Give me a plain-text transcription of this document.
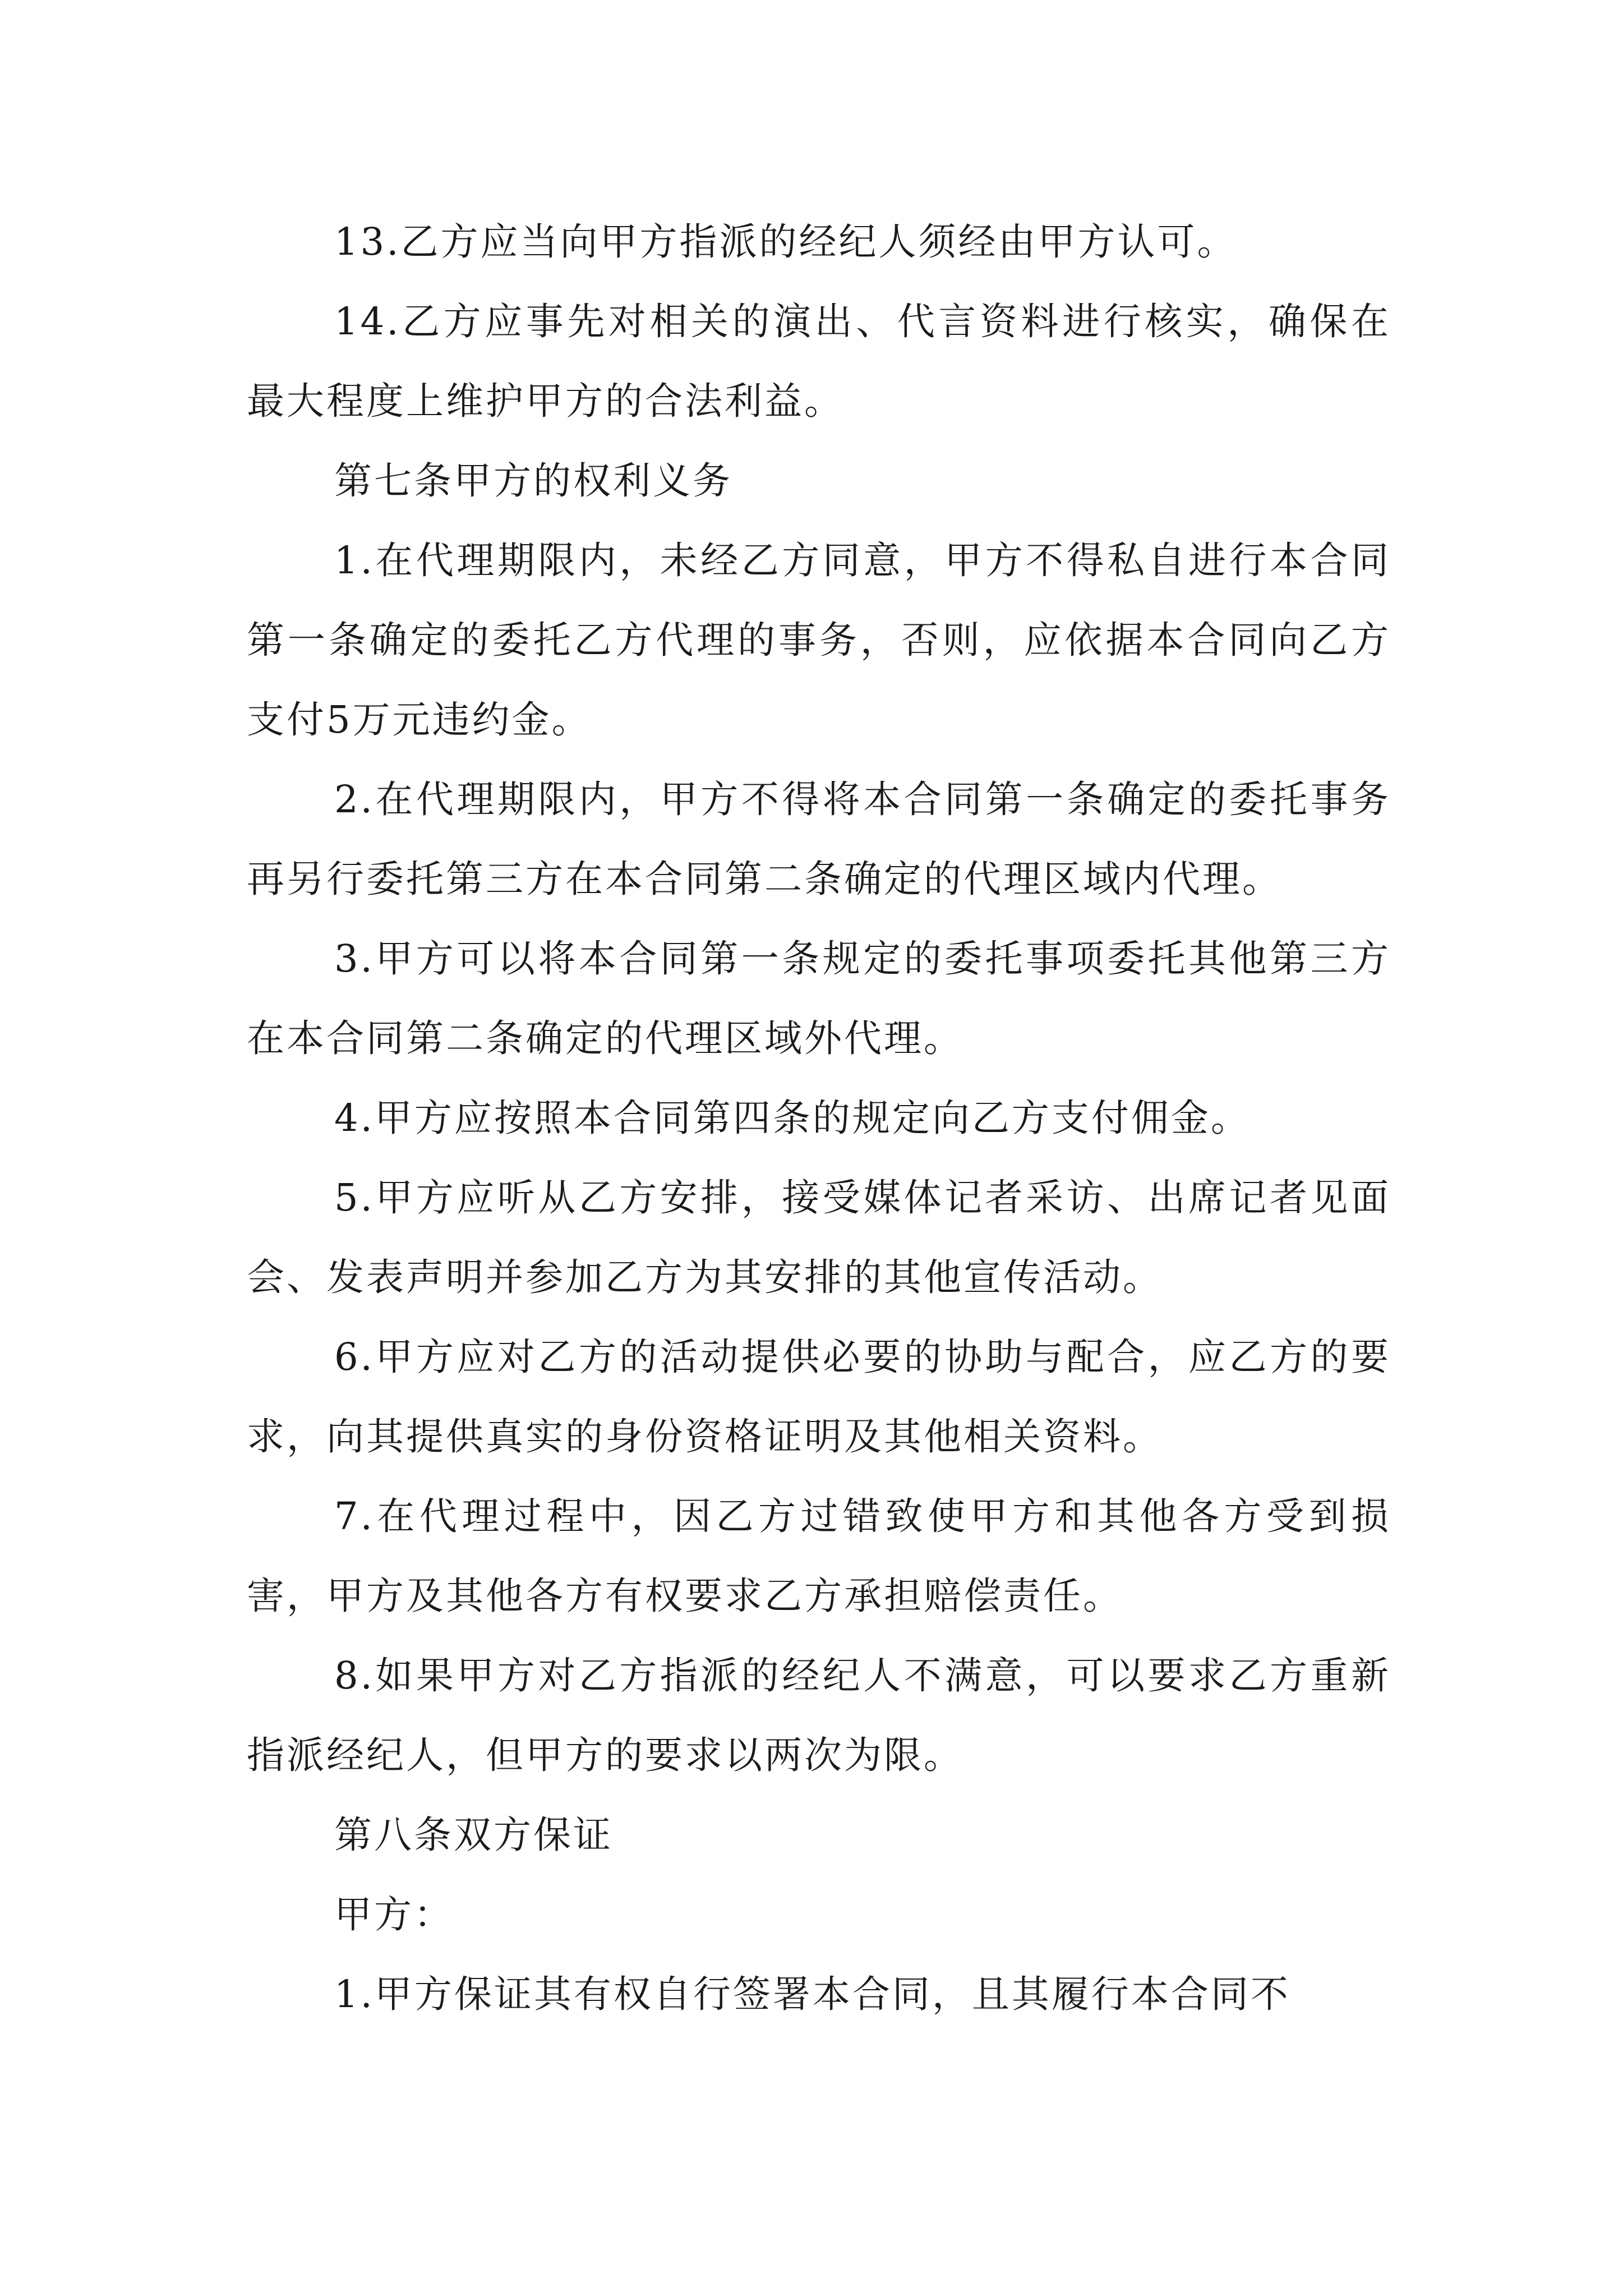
13.乙方应当向甲方指派的经纪人须经由甲方认可。

14.乙方应事先对相关的演出、代言资料进行核实，确保在最大程度上维护甲方的合法利益。

第七条甲方的权利义务

1.在代理期限内，未经乙方同意，甲方不得私自进行本合同第一条确定的委托乙方代理的事务，否则，应依据本合同向乙方支付5万元违约金。

2.在代理期限内，甲方不得将本合同第一条确定的委托事务再另行委托第三方在本合同第二条确定的代理区域内代理。

3.甲方可以将本合同第一条规定的委托事项委托其他第三方在本合同第二条确定的代理区域外代理。

4.甲方应按照本合同第四条的规定向乙方支付佣金。

5.甲方应听从乙方安排，接受媒体记者采访、出席记者见面会、发表声明并参加乙方为其安排的其他宣传活动。

6.甲方应对乙方的活动提供必要的协助与配合，应乙方的要求，向其提供真实的身份资格证明及其他相关资料。

7.在代理过程中，因乙方过错致使甲方和其他各方受到损害，甲方及其他各方有权要求乙方承担赔偿责任。

8.如果甲方对乙方指派的经纪人不满意，可以要求乙方重新指派经纪人，但甲方的要求以两次为限。

第八条双方保证

甲方：

1.甲方保证其有权自行签署本合同，且其履行本合同不
